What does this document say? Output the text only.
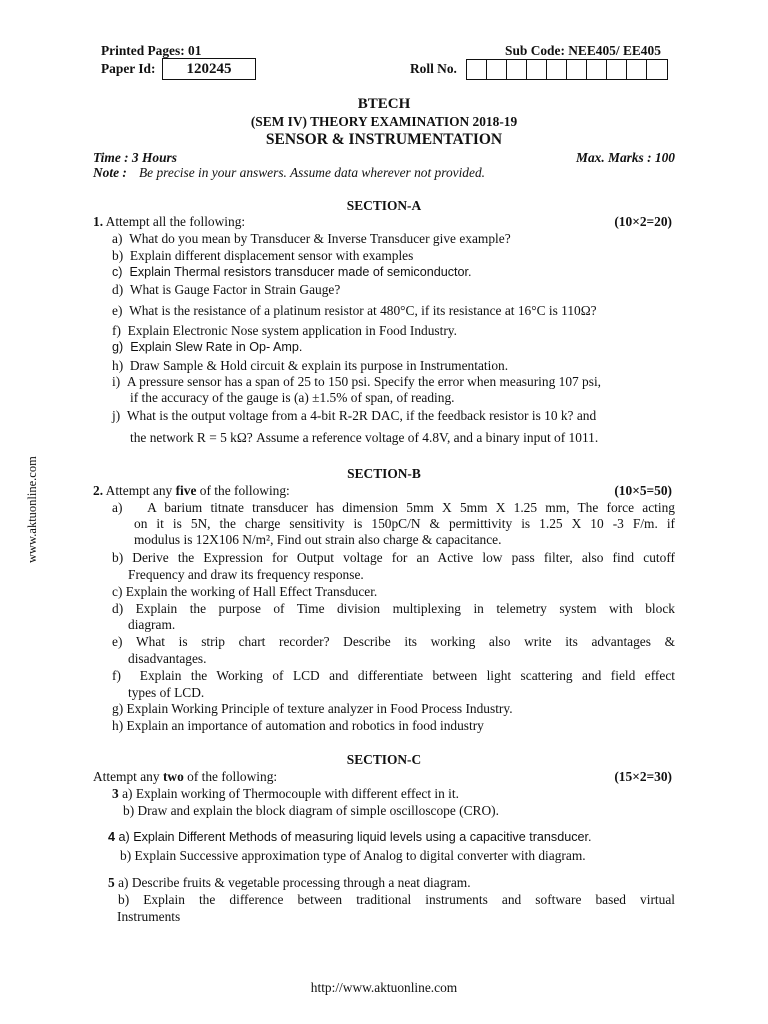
Printed Pages: 01	Sub Code: NEE405/ EE405
Paper Id:	120245	Roll No.
BTECH
(SEM IV) THEORY EXAMINATION 2018-19
SENSOR & INSTRUMENTATION
Time : 3 Hours	Max. Marks : 100
Note : Be precise in your answers. Assume data wherever not provided.
www.aktuonline.com
SECTION-A
1. Attempt all the following:	(10×2=20)
a)  What do you mean by Transducer & Inverse Transducer give example?
b)  Explain different displacement sensor with examples
c)  Explain Thermal resistors transducer made of semiconductor.
d)  What is Gauge Factor in Strain Gauge?
e)  What is the resistance of a platinum resistor at 480°C, if its resistance at 16°C is 110Ω?
f)  Explain Electronic Nose system application in Food Industry.
g)  Explain Slew Rate in Op- Amp.
h)  Draw Sample & Hold circuit & explain its purpose in Instrumentation.
i)  A pressure sensor has a span of 25 to 150 psi. Specify the error when measuring 107 psi,
if the accuracy of the gauge is (a) ±1.5% of span, of reading.
j)  What is the output voltage from a 4-bit R-2R DAC, if the feedback resistor is 10 k? and
the network R = 5 kΩ? Assume a reference voltage of 4.8V, and a binary input of 1011.
SECTION-B
2. Attempt any five of the following:	(10×5=50)
a)   A barium titnate transducer has dimension 5mm X 5mm X 1.25 mm, The force acting
on it is 5N, the charge sensitivity is 150pC/N & permittivity is 1.25 X 10 -3 F/m. if
modulus is 12X106 N/m², Find out strain also charge & capacitance.
b) Derive the Expression for Output voltage for an Active low pass filter, also find cutoff
Frequency and draw its frequency response.
c) Explain the working of Hall Effect Transducer.
d) Explain the purpose of Time division multiplexing in telemetry system with block
diagram.
e) What is strip chart recorder? Describe its working also write its advantages &
disadvantages.
f)  Explain the Working of LCD and differentiate between light scattering and field effect
types of LCD.
g) Explain Working Principle of texture analyzer in Food Process Industry.
h) Explain an importance of automation and robotics in food industry
SECTION-C
Attempt any two of the following:	(15×2=30)
3 a) Explain working of Thermocouple with different effect in it.
b) Draw and explain the block diagram of simple oscilloscope (CRO).
4 a) Explain Different Methods of measuring liquid levels using a capacitive transducer.
b) Explain Successive approximation type of Analog to digital converter with diagram.
5 a) Describe fruits & vegetable processing through a neat diagram.
b) Explain the difference between traditional instruments and software based virtual
Instruments
http://www.aktuonline.com
